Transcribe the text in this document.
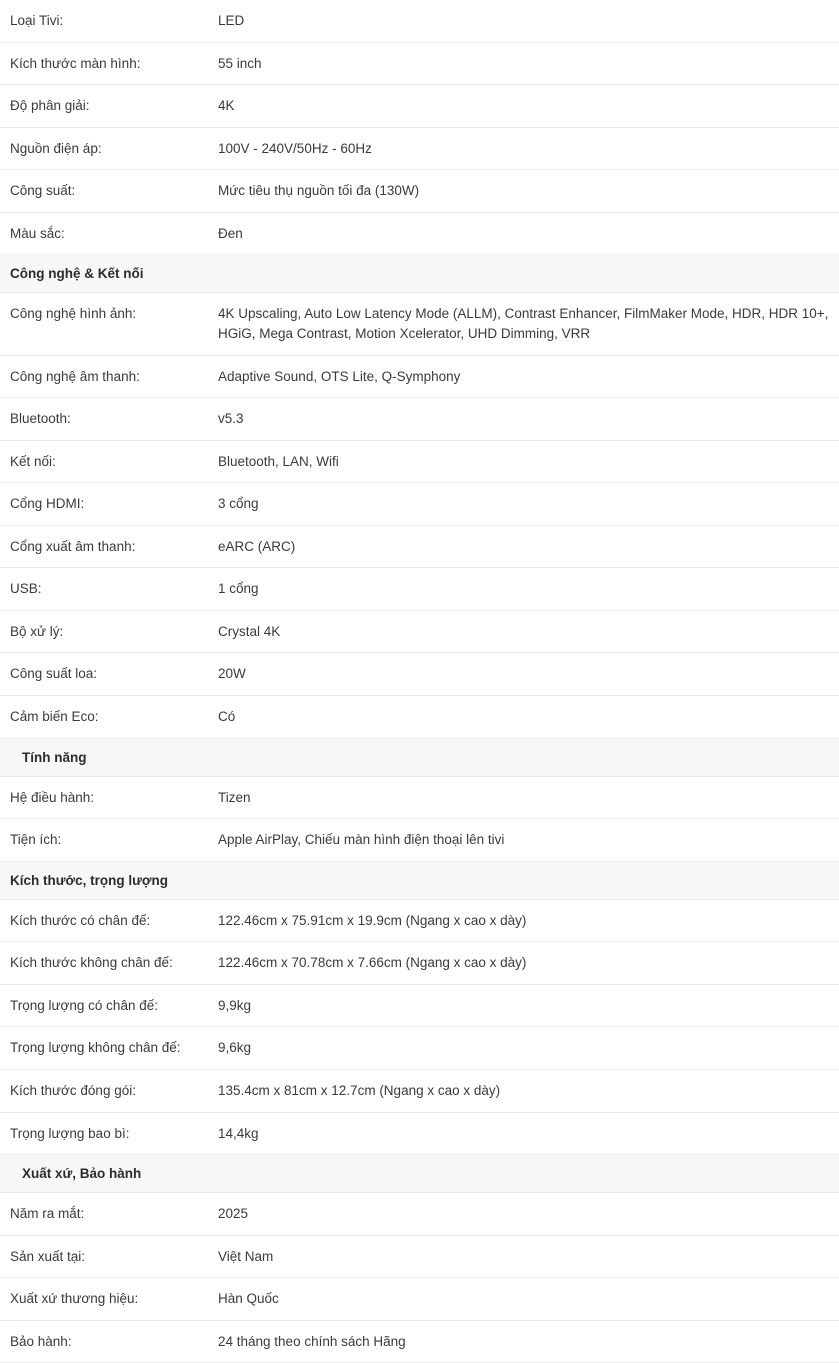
Loại Tivi:	LED
Kích thước màn hình:	55 inch
Độ phân giải:	4K
Nguồn điện áp:	100V - 240V/50Hz - 60Hz
Công suất:	Mức tiêu thụ nguồn tối đa (130W)
Màu sắc:	Đen

Công nghệ & Kết nối	

Công nghệ hình ảnh:	4K Upscaling, Auto Low Latency Mode (ALLM), Contrast Enhancer, FilmMaker Mode, HDR, HDR 10+, HGiG, Mega Contrast, Motion Xcelerator, UHD Dimming, VRR
Công nghệ âm thanh:	Adaptive Sound, OTS Lite, Q-Symphony
Bluetooth:	v5.3
Kết nối:	Bluetooth, LAN, Wifi
Cổng HDMI:	3 cổng
Cổng xuất âm thanh:	eARC (ARC)
USB:	1 cổng
Bộ xử lý:	Crystal 4K
Công suất loa:	20W
Cảm biến Eco:	Có

Tính năng	

Hệ điều hành:	Tizen
Tiện ích:	Apple AirPlay, Chiếu màn hình điện thoại lên tivi

Kích thước, trọng lượng	

Kích thước có chân đế:	122.46cm x 75.91cm x 19.9cm (Ngang x cao x dày)
Kích thước không chân đế:	122.46cm x 70.78cm x 7.66cm (Ngang x cao x dày)
Trọng lượng có chân đế:	9,9kg
Trọng lượng không chân đế:	9,6kg
Kích thước đóng gói:	135.4cm x 81cm x 12.7cm (Ngang x cao x dày)
Trọng lượng bao bì:	14,4kg

Xuất xứ, Bảo hành	

Năm ra mắt:	2025
Sản xuất tại:	Việt Nam
Xuất xứ thương hiệu:	Hàn Quốc
Bảo hành:	24 tháng theo chính sách Hãng
